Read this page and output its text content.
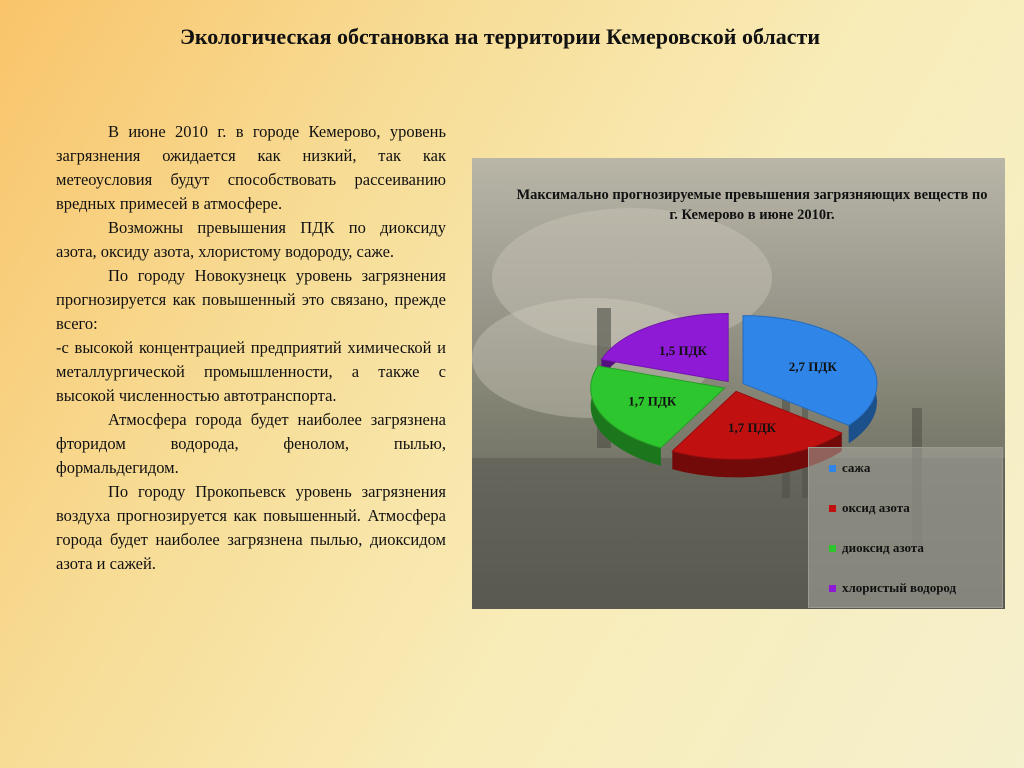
Экологическая обстановка на территории Кемеровской области

В июне 2010 г. в городе Кемерово, уровень загрязнения ожидается как низкий, так как метеоусловия будут способствовать рассеиванию вредных примесей в атмосфере.

Возможны превышения ПДК по диоксиду азота, оксиду азота, хлористому водороду, саже.

По городу Новокузнецк уровень загрязнения прогнозируется как повышенный это связано, прежде всего:

-с высокой концентрацией предприятий химической и металлургической промышленности, а также с высокой численностью автотранспорта.

Атмосфера города будет наиболее загрязнена фторидом водорода, фенолом, пылью, формальдегидом.

По городу Прокопьевск уровень загрязнения воздуха прогнозируется как повышенный. Атмосфера города будет наиболее загрязнена пылью, диоксидом азота и сажей.

Максимально прогнозируемые превышения загрязняющих веществ по г. Кемерово в июне 2010г.
2,7 ПДК
1,7 ПДК
1,7 ПДК
1,5 ПДК
сажа
оксид азота
диоксид азота
хлористый водород
